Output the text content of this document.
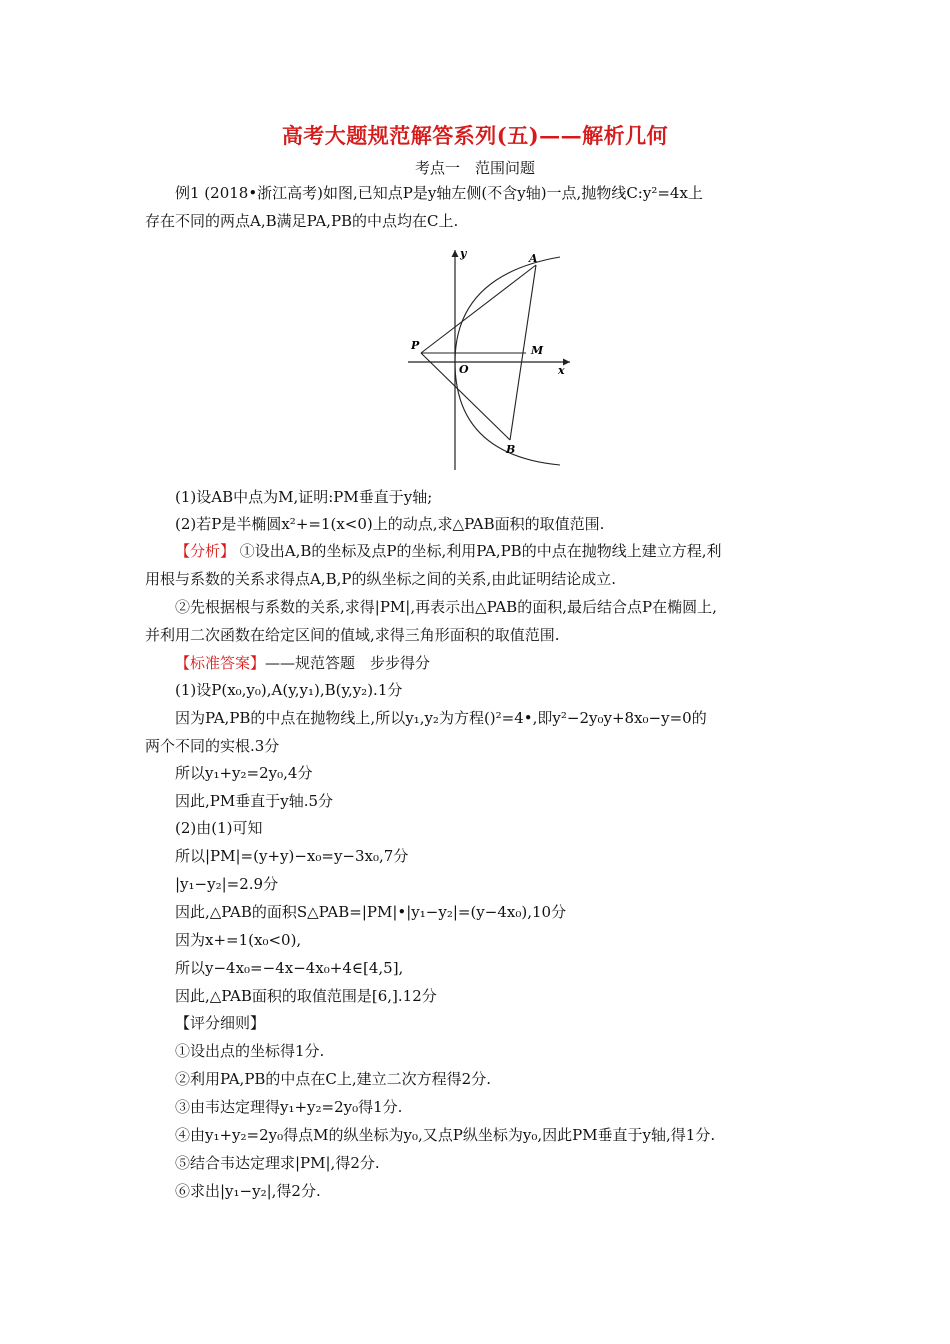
高考大题规范解答系列(五)——解析几何
考点一　范围问题
例1 (2018•浙江高考)如图,已知点P是y轴左侧(不含y轴)一点,抛物线C:y²=4x上
存在不同的两点A,B满足PA,PB的中点均在C上.
y
x
P
O
M
A
B
(1)设AB中点为M,证明:PM垂直于y轴;
(2)若P是半椭圆x²+=1(x<0)上的动点,求△PAB面积的取值范围.
【分析】 ①设出A,B的坐标及点P的坐标,利用PA,PB的中点在抛物线上建立方程,利
用根与系数的关系求得点A,B,P的纵坐标之间的关系,由此证明结论成立.
②先根据根与系数的关系,求得|PM|,再表示出△PAB的面积,最后结合点P在椭圆上,
并利用二次函数在给定区间的值域,求得三角形面积的取值范围.
【标准答案】——规范答题　步步得分
(1)设P(x₀,y₀),A(y,y₁),B(y,y₂).1分
因为PA,PB的中点在抛物线上,所以y₁,y₂为方程()²=4•,即y²−2y₀y+8x₀−y=0的
两个不同的实根.3分
所以y₁+y₂=2y₀,4分
因此,PM垂直于y轴.5分
(2)由(1)可知
所以|PM|=(y+y)−x₀=y−3x₀,7分
|y₁−y₂|=2.9分
因此,△PAB的面积S△PAB=|PM|•|y₁−y₂|=(y−4x₀),10分
因为x+=1(x₀<0),
所以y−4x₀=−4x−4x₀+4∈[4,5],
因此,△PAB面积的取值范围是[6,].12分
【评分细则】
①设出点的坐标得1分.
②利用PA,PB的中点在C上,建立二次方程得2分.
③由韦达定理得y₁+y₂=2y₀得1分.
④由y₁+y₂=2y₀得点M的纵坐标为y₀,又点P纵坐标为y₀,因此PM垂直于y轴,得1分.
⑤结合韦达定理求|PM|,得2分.
⑥求出|y₁−y₂|,得2分.
